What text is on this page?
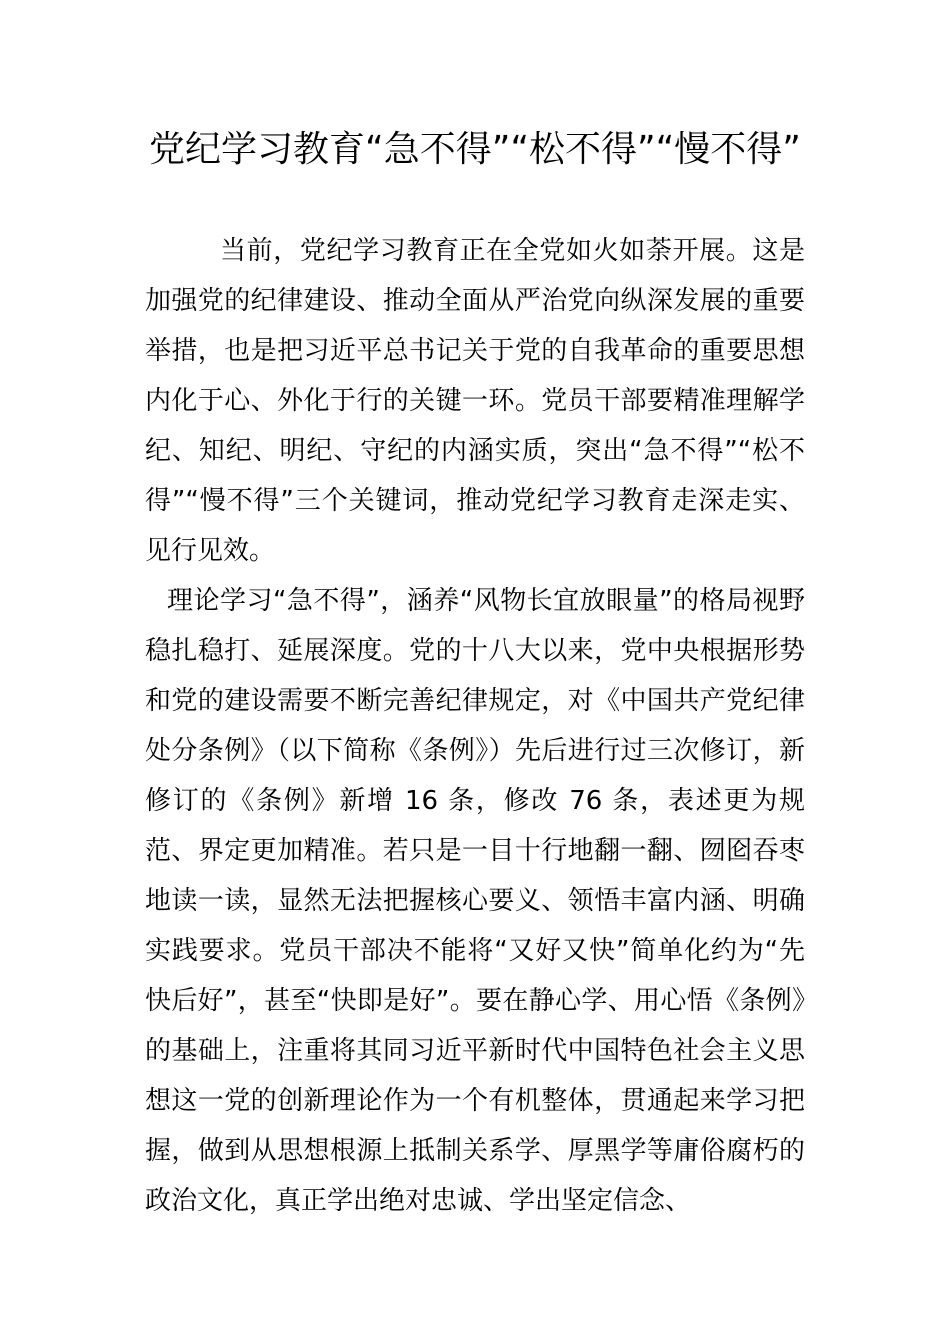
党纪学习教育“急不得”“松不得”“慢不得”

当前，党纪学习教育正在全党如火如荼开展。这是加强党的纪律建设、推动全面从严治党向纵深发展的重要举措，也是把习近平总书记关于党的自我革命的重要思想内化于心、外化于行的关键一环。党员干部要精准理解学纪、知纪、明纪、守纪的内涵实质，突出“急不得”“松不得”“慢不得”三个关键词，推动党纪学习教育走深走实、见行见效。

理论学习“急不得”，涵养“风物长宜放眼量”的格局视野稳扎稳打、延展深度。党的十八大以来，党中央根据形势和党的建设需要不断完善纪律规定，对《中国共产党纪律处分条例》（以下简称《条例》）先后进行过三次修订，新修订的《条例》新增 16 条，修改 76 条，表述更为规范、界定更加精准。若只是一目十行地翻一翻、囫囵吞枣地读一读，显然无法把握核心要义、领悟丰富内涵、明确实践要求。党员干部决不能将“又好又快”简单化约为“先快后好”，甚至“快即是好”。要在静心学、用心悟《条例》的基础上，注重将其同习近平新时代中国特色社会主义思想这一党的创新理论作为一个有机整体，贯通起来学习把握，做到从思想根源上抵制关系学、厚黑学等庸俗腐朽的政治文化，真正学出绝对忠诚、学出坚定信念、
